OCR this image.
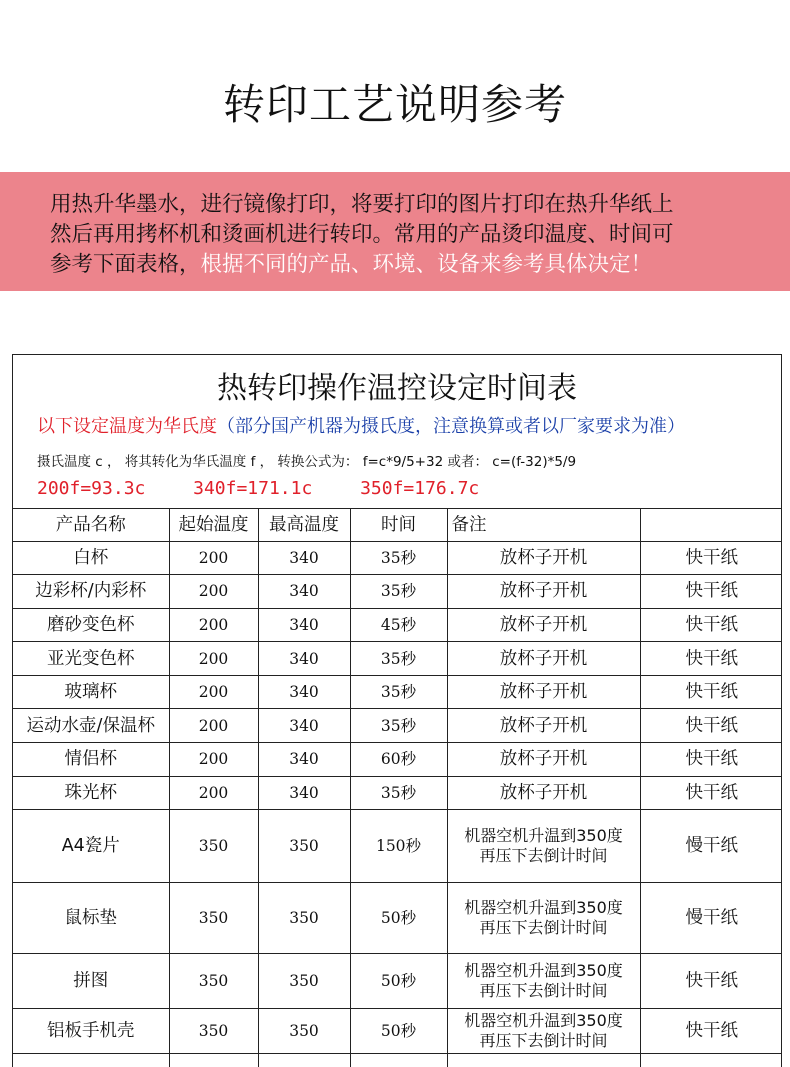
转印工艺说明参考

用热升华墨水，进行镜像打印，将要打印的图片打印在热升华纸上

然后再用拷杯机和烫画机进行转印。常用的产品烫印温度、时间可

参考下面表格，根据不同的产品、环境、设备来参考具体决定！

热转印操作温控设定时间表
以下设定温度为华氏度（部分国产机器为摄氏度，注意换算或者以厂家要求为准）
摄氏温度 c ， 将其转化为华氏温度 f ， 转换公式为： f=c*9/5+32 或者： c=(f-32)*5/9
200f=93.3c	340f=171.1c	350f=176.7c
产品名称	起始温度	最高温度	时间	备注	
白杯	200	340	35秒	放杯子开机	快干纸
边彩杯/内彩杯	200	340	35秒	放杯子开机	快干纸
磨砂变色杯	200	340	45秒	放杯子开机	快干纸
亚光变色杯	200	340	35秒	放杯子开机	快干纸
玻璃杯	200	340	35秒	放杯子开机	快干纸
运动水壶/保温杯	200	340	35秒	放杯子开机	快干纸
情侣杯	200	340	60秒	放杯子开机	快干纸
珠光杯	200	340	35秒	放杯子开机	快干纸
A4瓷片	350	350	150秒	机器空机升温到350度
再压下去倒计时间	慢干纸
鼠标垫	350	350	50秒	机器空机升温到350度
再压下去倒计时间	慢干纸
拼图	350	350	50秒	机器空机升温到350度
再压下去倒计时间	快干纸
铝板手机壳	350	350	50秒	机器空机升温到350度
再压下去倒计时间	快干纸
